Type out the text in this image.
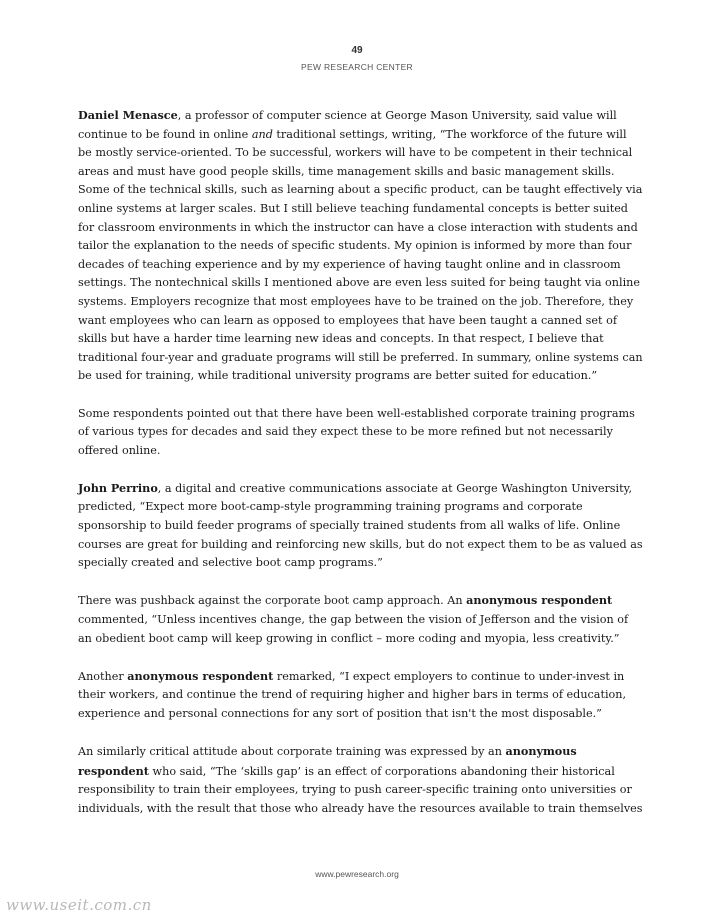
49
PEW RESEARCH CENTER

Daniel Menasce, a professor of computer science at George Mason University, said value will continue to be found in online and traditional settings, writing, “The workforce of the future will be mostly service-oriented. To be successful, workers will have to be competent in their technical areas and must have good people skills, time management skills and basic management skills. Some of the technical skills, such as learning about a specific product, can be taught effectively via online systems at larger scales. But I still believe teaching fundamental concepts is better suited for classroom environments in which the instructor can have a close interaction with students and tailor the explanation to the needs of specific students. My opinion is informed by more than four decades of teaching experience and by my experience of having taught online and in classroom settings. The nontechnical skills I mentioned above are even less suited for being taught via online systems. Employers recognize that most employees have to be trained on the job. Therefore, they want employees who can learn as opposed to employees that have been taught a canned set of skills but have a harder time learning new ideas and concepts. In that respect, I believe that traditional four-year and graduate programs will still be preferred. In summary, online systems can be used for training, while traditional university programs are better suited for education.”

Some respondents pointed out that there have been well-established corporate training programs of various types for decades and said they expect these to be more refined but not necessarily offered online.

John Perrino, a digital and creative communications associate at George Washington University, predicted, “Expect more boot-camp-style programming training programs and corporate sponsorship to build feeder programs of specially trained students from all walks of life. Online courses are great for building and reinforcing new skills, but do not expect them to be as valued as specially created and selective boot camp programs.”

There was pushback against the corporate boot camp approach. An anonymous respondent commented, “Unless incentives change, the gap between the vision of Jefferson and the vision of an obedient boot camp will keep growing in conflict – more coding and myopia, less creativity.”

Another anonymous respondent remarked, “I expect employers to continue to under-invest in their workers, and continue the trend of requiring higher and higher bars in terms of education, experience and personal connections for any sort of position that isn't the most disposable.”

An similarly critical attitude about corporate training was expressed by an anonymous respondent who said, “The ‘skills gap’ is an effect of corporations abandoning their historical responsibility to train their employees, trying to push career-specific training onto universities or individuals, with the result that those who already have the resources available to train themselves

www.pewresearch.org
www.useit.com.cn
